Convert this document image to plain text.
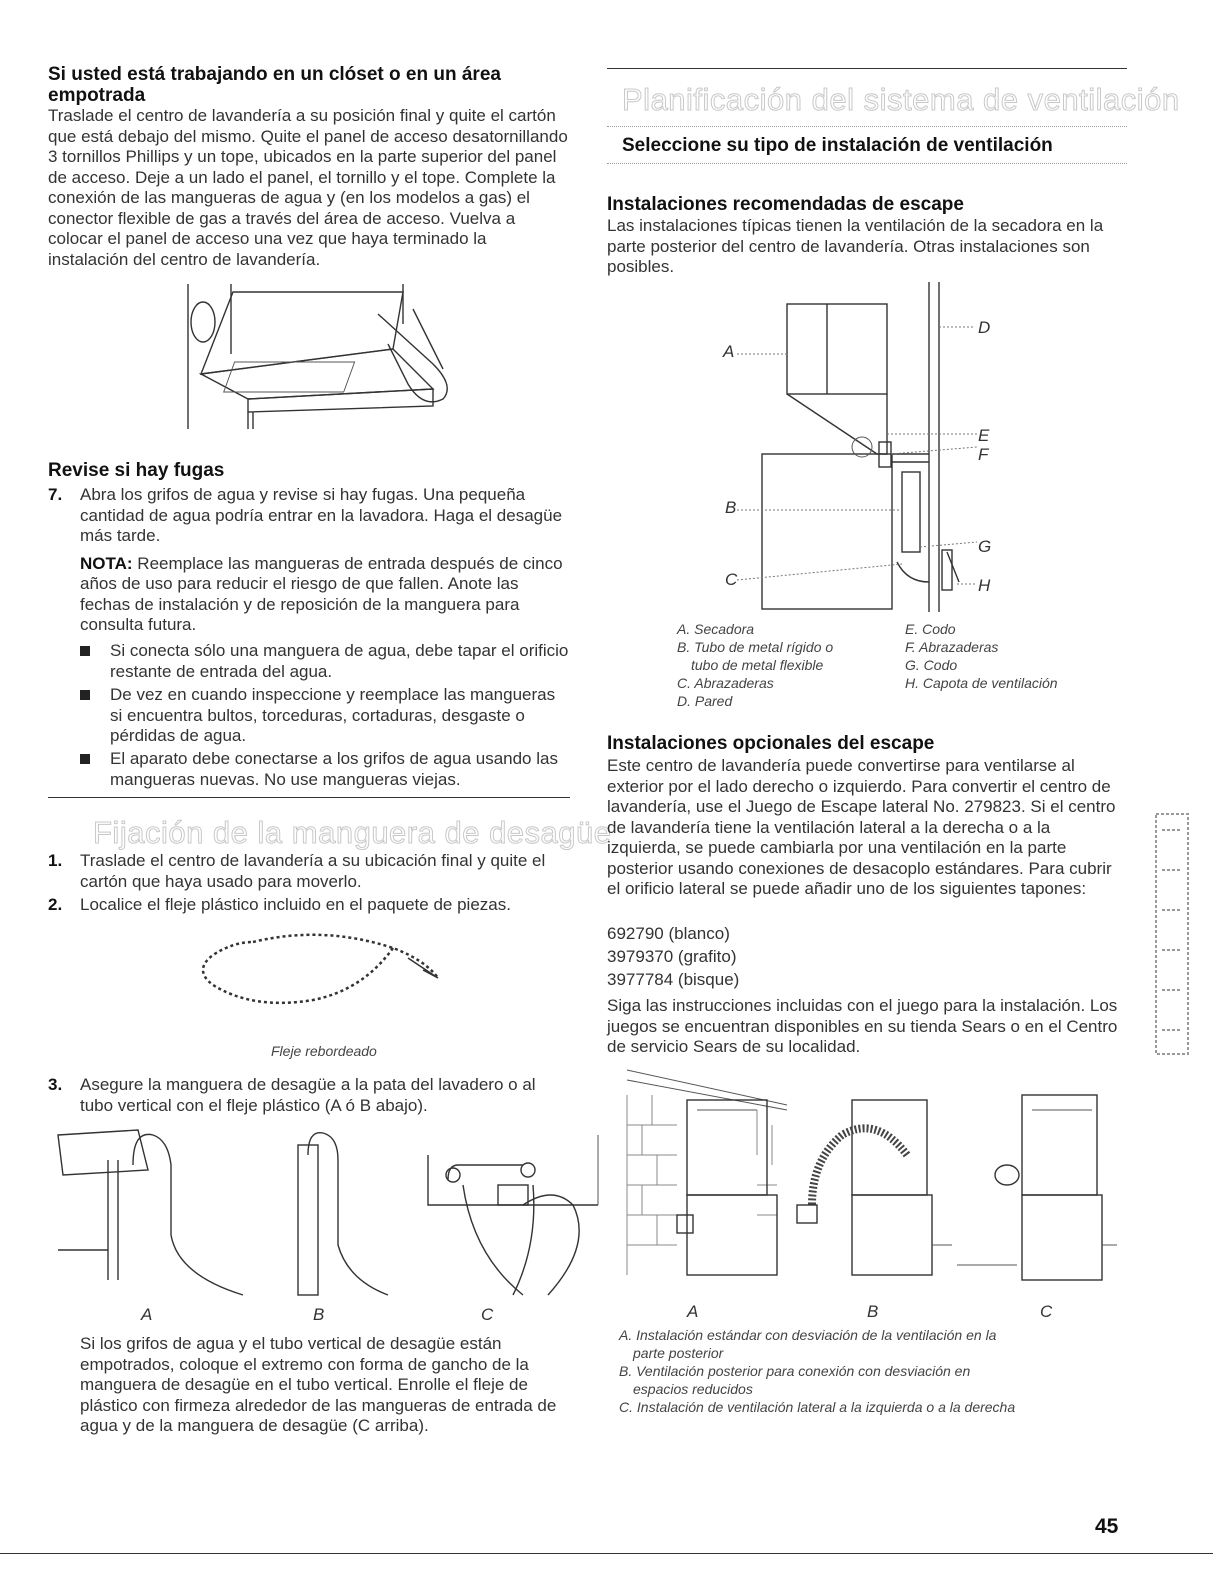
Si usted está trabajando en un clóset o en un área empotrada

Traslade el centro de lavandería a su posición final y quite el cartón que está debajo del mismo. Quite el panel de acceso desatornillando 3 tornillos Phillips y un tope, ubicados en la parte superior del panel de acceso. Deje a un lado el panel, el tornillo y el tope. Complete la conexión de las mangueras de agua y (en los modelos a gas) el conector flexible de gas a través del área de acceso. Vuelva a colocar el panel de acceso una vez que haya terminado la instalación del centro de lavandería.

Revise si hay fugas
7.	Abra los grifos de agua y revise si hay fugas. Una pequeña cantidad de agua podría entrar en la lavadora. Haga el desagüe más tarde.
NOTA: Reemplace las mangueras de entrada después de cinco años de uso para reducir el riesgo de que fallen. Anote las fechas de instalación y de reposición de la manguera para consulta futura.
Si conecta sólo una manguera de agua, debe tapar el orificio restante de entrada del agua.
De vez en cuando inspeccione y reemplace las mangueras si encuentra bultos, torceduras, cortaduras, desgaste o pérdidas de agua.
El aparato debe conectarse a los grifos de agua usando las mangueras nuevas. No use mangueras viejas.
Fijación de la manguera de desagüe
1.	Traslade el centro de lavandería a su ubicación final y quite el cartón que haya usado para moverlo.
2.	Localice el fleje plástico incluido en el paquete de piezas.
Fleje rebordeado
3.	Asegure la manguera de desagüe a la pata del lavadero o al tubo vertical con el fleje plástico (A ó B abajo).
A	B	C

Si los grifos de agua y el tubo vertical de desagüe están empotrados, coloque el extremo con forma de gancho de la manguera de desagüe en el tubo vertical. Enrolle el fleje de plástico con firmeza alrededor de las mangueras de entrada de agua y de la manguera de desagüe (C arriba).

Planificación del sistema de ventilación
Seleccione su tipo de instalación de ventilación
Instalaciones recomendadas de escape

Las instalaciones típicas tienen la ventilación de la secadora en la parte posterior del centro de lavandería. Otras instalaciones son posibles.

A
B
C
D
E
F
G
H
A. Secadora
B. Tubo de metal rígido o
tubo de metal flexible
C. Abrazaderas
D. Pared
E. Codo
F. Abrazaderas
G. Codo
H. Capota de ventilación
Instalaciones opcionales del escape

Este centro de lavandería puede convertirse para ventilarse al exterior por el lado derecho o izquierdo. Para convertir el centro de lavandería, use el Juego de Escape lateral No. 279823. Si el centro de lavandería tiene la ventilación lateral a la derecha o a la izquierda, se puede cambiarla por una ventilación en la parte posterior usando conexiones de desacoplo estándares. Para cubrir el orificio lateral se puede añadir uno de los siguientes tapones:

692790 (blanco)

3979370 (grafito)

3977784 (bisque)

Siga las instrucciones incluidas con el juego para la instalación. Los juegos se encuentran disponibles en su tienda Sears o en el Centro de servicio Sears de su localidad.

A	B	C
A. Instalación estándar con desviación de la ventilación en la
parte posterior
B. Ventilación posterior para conexión con desviación en
espacios reducidos
C. Instalación de ventilación lateral a la izquierda o a la derecha
45
